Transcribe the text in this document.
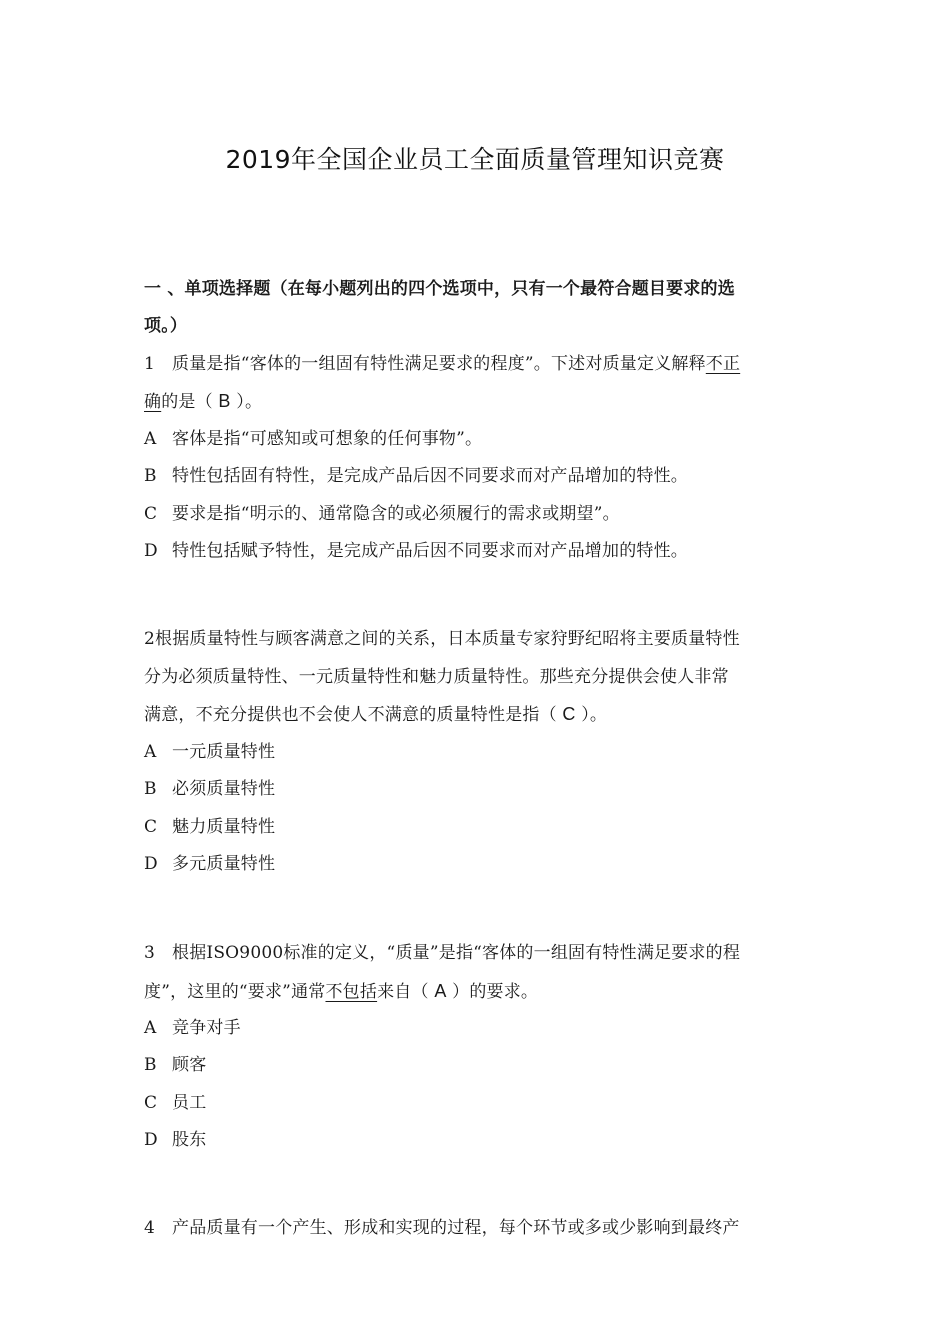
2019年全国企业员工全面质量管理知识竞赛
一 、单项选择题（在每小题列出的四个选项中，只有一个最符合题目要求的选
项。）
1 质量是指“客体的一组固有特性满足要求的程度”。下述对质量定义解释不正
确的是（ B ）。
A 客体是指“可感知或可想象的任何事物”。
B 特性包括固有特性，是完成产品后因不同要求而对产品增加的特性。
C 要求是指“明示的、通常隐含的或必须履行的需求或期望”。
D 特性包括赋予特性，是完成产品后因不同要求而对产品增加的特性。
2根据质量特性与顾客满意之间的关系，日本质量专家狩野纪昭将主要质量特性
分为必须质量特性、一元质量特性和魅力质量特性。那些充分提供会使人非常
满意，不充分提供也不会使人不满意的质量特性是指（ C ）。
A 一元质量特性
B 必须质量特性
C 魅力质量特性
D 多元质量特性
3 根据ISO9000标准的定义，“质量”是指“客体的一组固有特性满足要求的程
度”，这里的“要求”通常不包括来自（ A ）的要求。
A 竞争对手
B 顾客
C 员工
D 股东
4 产品质量有一个产生、形成和实现的过程，每个环节或多或少影响到最终产
